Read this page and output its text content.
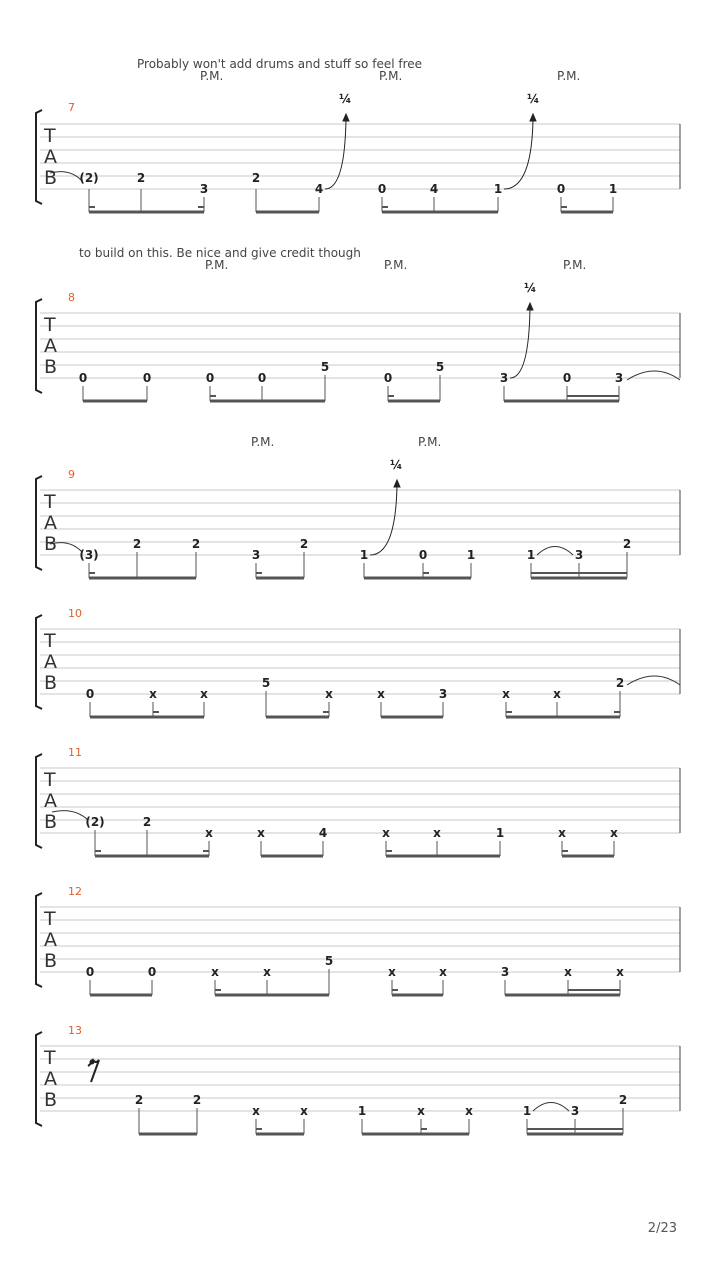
7
Probably won't add drums and stuff so feel free
P.M.	P.M.	P.M.
T
A
B (2)	2
3
2
4	0	4	1	0	1
¼	¼
8
to build on this. Be nice and give credit though
P.M.	P.M.	P.M.
T
A
B 0	0	0	0
5
0
5
3	0	3
¼
9
P.M.	P.M.
T
A
B (3)
2	2
3
2
1	0	1	1	3
2
¼
10
T
A
B 0	x	x
5
x	x	3	x	x
2
11
T
A
B (2)	2
x	x	4	x	x	1	x	x
12
T
A
B 0	0	x	x
5
x	x	3	x	x
13
T
A
B	2	2
x	x	1	x	x	1	3
2
2/23
